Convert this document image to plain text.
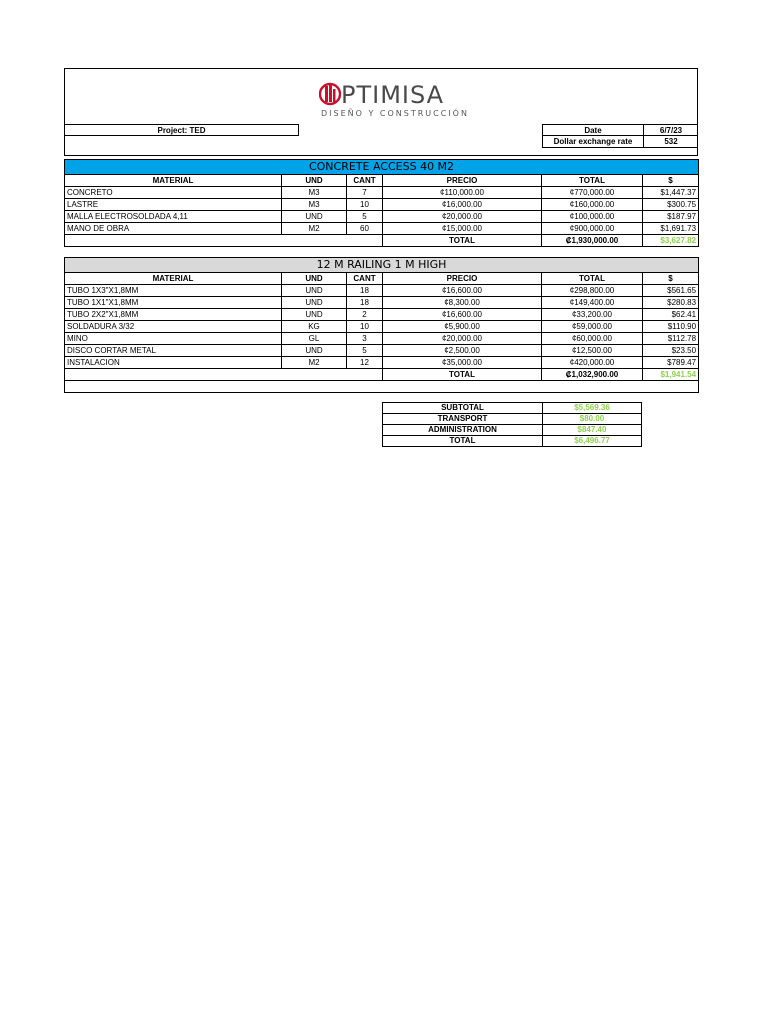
PTIMISA
DISEÑO Y CONSTRUCCIÓN
Project: TED	Date	6/7/23
Dollar exchange rate	532
CONCRETE ACCESS 40 M2					
MATERIAL	UND	CANT	PRECIO	TOTAL	$
CONCRETO	M3	7	¢110,000.00	¢770,000.00	$1,447.37
LASTRE	M3	10	¢16,000.00	¢160,000.00	$300.75
MALLA ELECTROSOLDADA 4,11	UND	5	¢20,000.00	¢100,000.00	$187.97
MANO DE OBRA	M2	60	¢15,000.00	¢900,000.00	$1,691.73
			TOTAL	₡1,930,000.00	$3,627.82
12 M RAILING 1 M HIGH					
MATERIAL	UND	CANT	PRECIO	TOTAL	$
TUBO 1X3"X1,8MM	UND	18	¢16,600.00	¢298,800.00	$561.65
TUBO 1X1"X1,8MM	UND	18	¢8,300.00	¢149,400.00	$280.83
TUBO 2X2"X1,8MM	UND	2	¢16,600.00	¢33,200.00	$62.41
SOLDADURA 3/32	KG	10	¢5,900.00	¢59,000.00	$110.90
MINO	GL	3	¢20,000.00	¢60,000.00	$112.78
DISCO CORTAR METAL	UND	5	¢2,500.00	¢12,500.00	$23.50
INSTALACION	M2	12	¢35,000.00	¢420,000.00	$789.47
			TOTAL	₡1,032,900.00	$1,941.54

SUBTOTAL	$5,569.36
TRANSPORT	$80.00
ADMINISTRATION	$847.40
TOTAL	$6,496.77
